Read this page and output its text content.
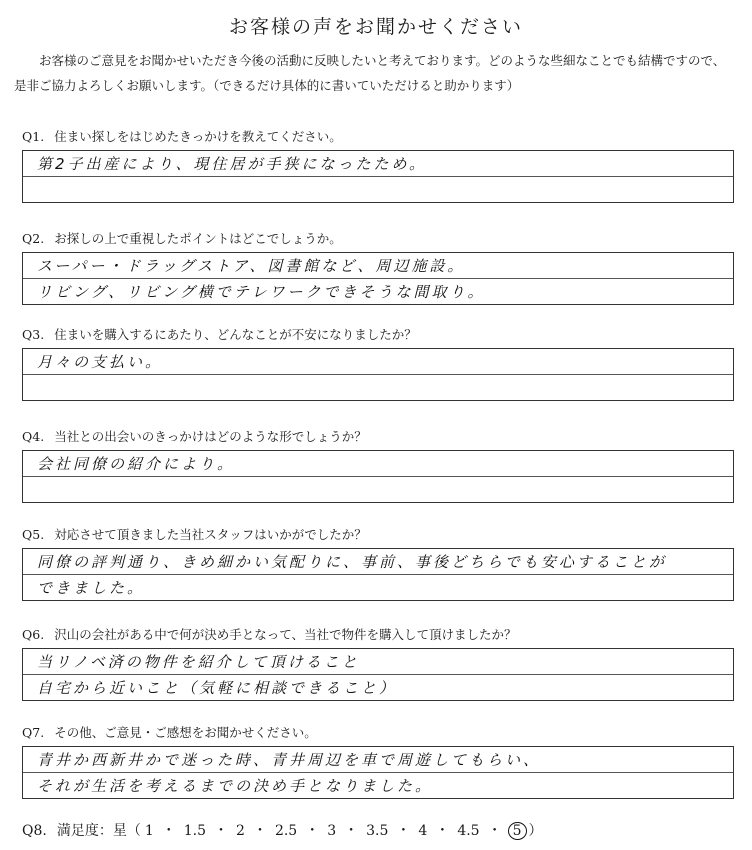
お客様の声をお聞かせください
お客様のご意見をお聞かせいただき今後の活動に反映したいと考えております。どのような些細なことでも結構ですので、是非ご協力よろしくお願いします。（できるだけ具体的に書いていただけると助かります）
Q1. 住まい探しをはじめたきっかけを教えてください。
第2子出産により、現住居が手狭になったため。
Q2. お探しの上で重視したポイントはどこでしょうか。
スーパー・ドラッグストア、図書館など、周辺施設。
リビング、リビング横でテレワークできそうな間取り。
Q3. 住まいを購入するにあたり、どんなことが不安になりましたか？
月々の支払い。
Q4. 当社との出会いのきっかけはどのような形でしょうか？
会社同僚の紹介により。
Q5. 対応させて頂きました当社スタッフはいかがでしたか？
同僚の評判通り、きめ細かい気配りに、事前、事後どちらでも安心することが
できました。
Q6. 沢山の会社がある中で何が決め手となって、当社で物件を購入して頂けましたか？
当リノベ済の物件を紹介して頂けること
自宅から近いこと（気軽に相談できること）
Q7. その他、ご意見・ご感想をお聞かせください。
青井か西新井かで迷った時、青井周辺を車で周遊してもらい、
それが生活を考えるまでの決め手となりました。
Q8. 満足度：星（ 1 ・ 1.5 ・ 2 ・ 2.5 ・ 3 ・ 3.5 ・ 4 ・ 4.5 ・ 5 ）
